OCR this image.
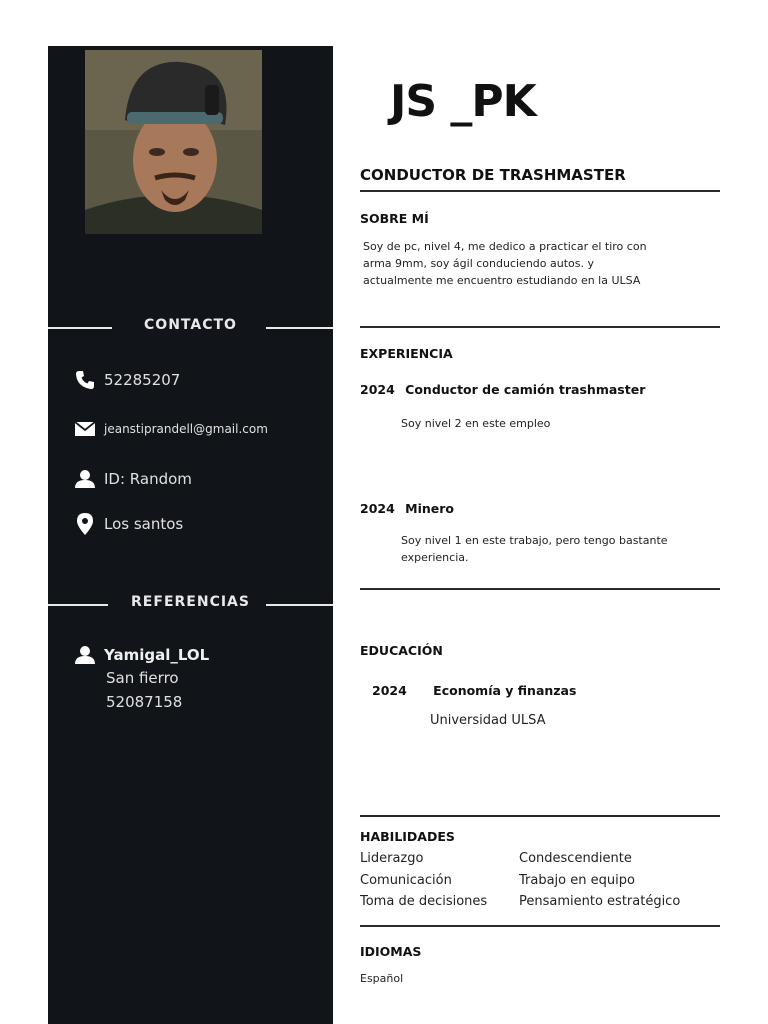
CONTACTO
52285207
jeanstiprandell@gmail.com
ID: Random
Los santos
REFERENCIAS
Yamigal_LOL
San fierro
52087158
JS _PK
CONDUCTOR DE TRASHMASTER
SOBRE MÍ
Soy de pc, nivel 4, me dedico a practicar el tiro con
arma 9mm, soy ágil conduciendo autos. y
actualmente me encuentro estudiando en la ULSA
EXPERIENCIA
2024 Conductor de camión trashmaster
Soy nivel 2 en este empleo
2024 Minero
Soy nivel 1 en este trabajo, pero tengo bastante
experiencia.
EDUCACIÓN
2024 Economía y finanzas
Universidad ULSA
HABILIDADES
Liderazgo
Comunicación
Toma de decisiones
Condescendiente
Trabajo en equipo
Pensamiento estratégico
IDIOMAS
Español
